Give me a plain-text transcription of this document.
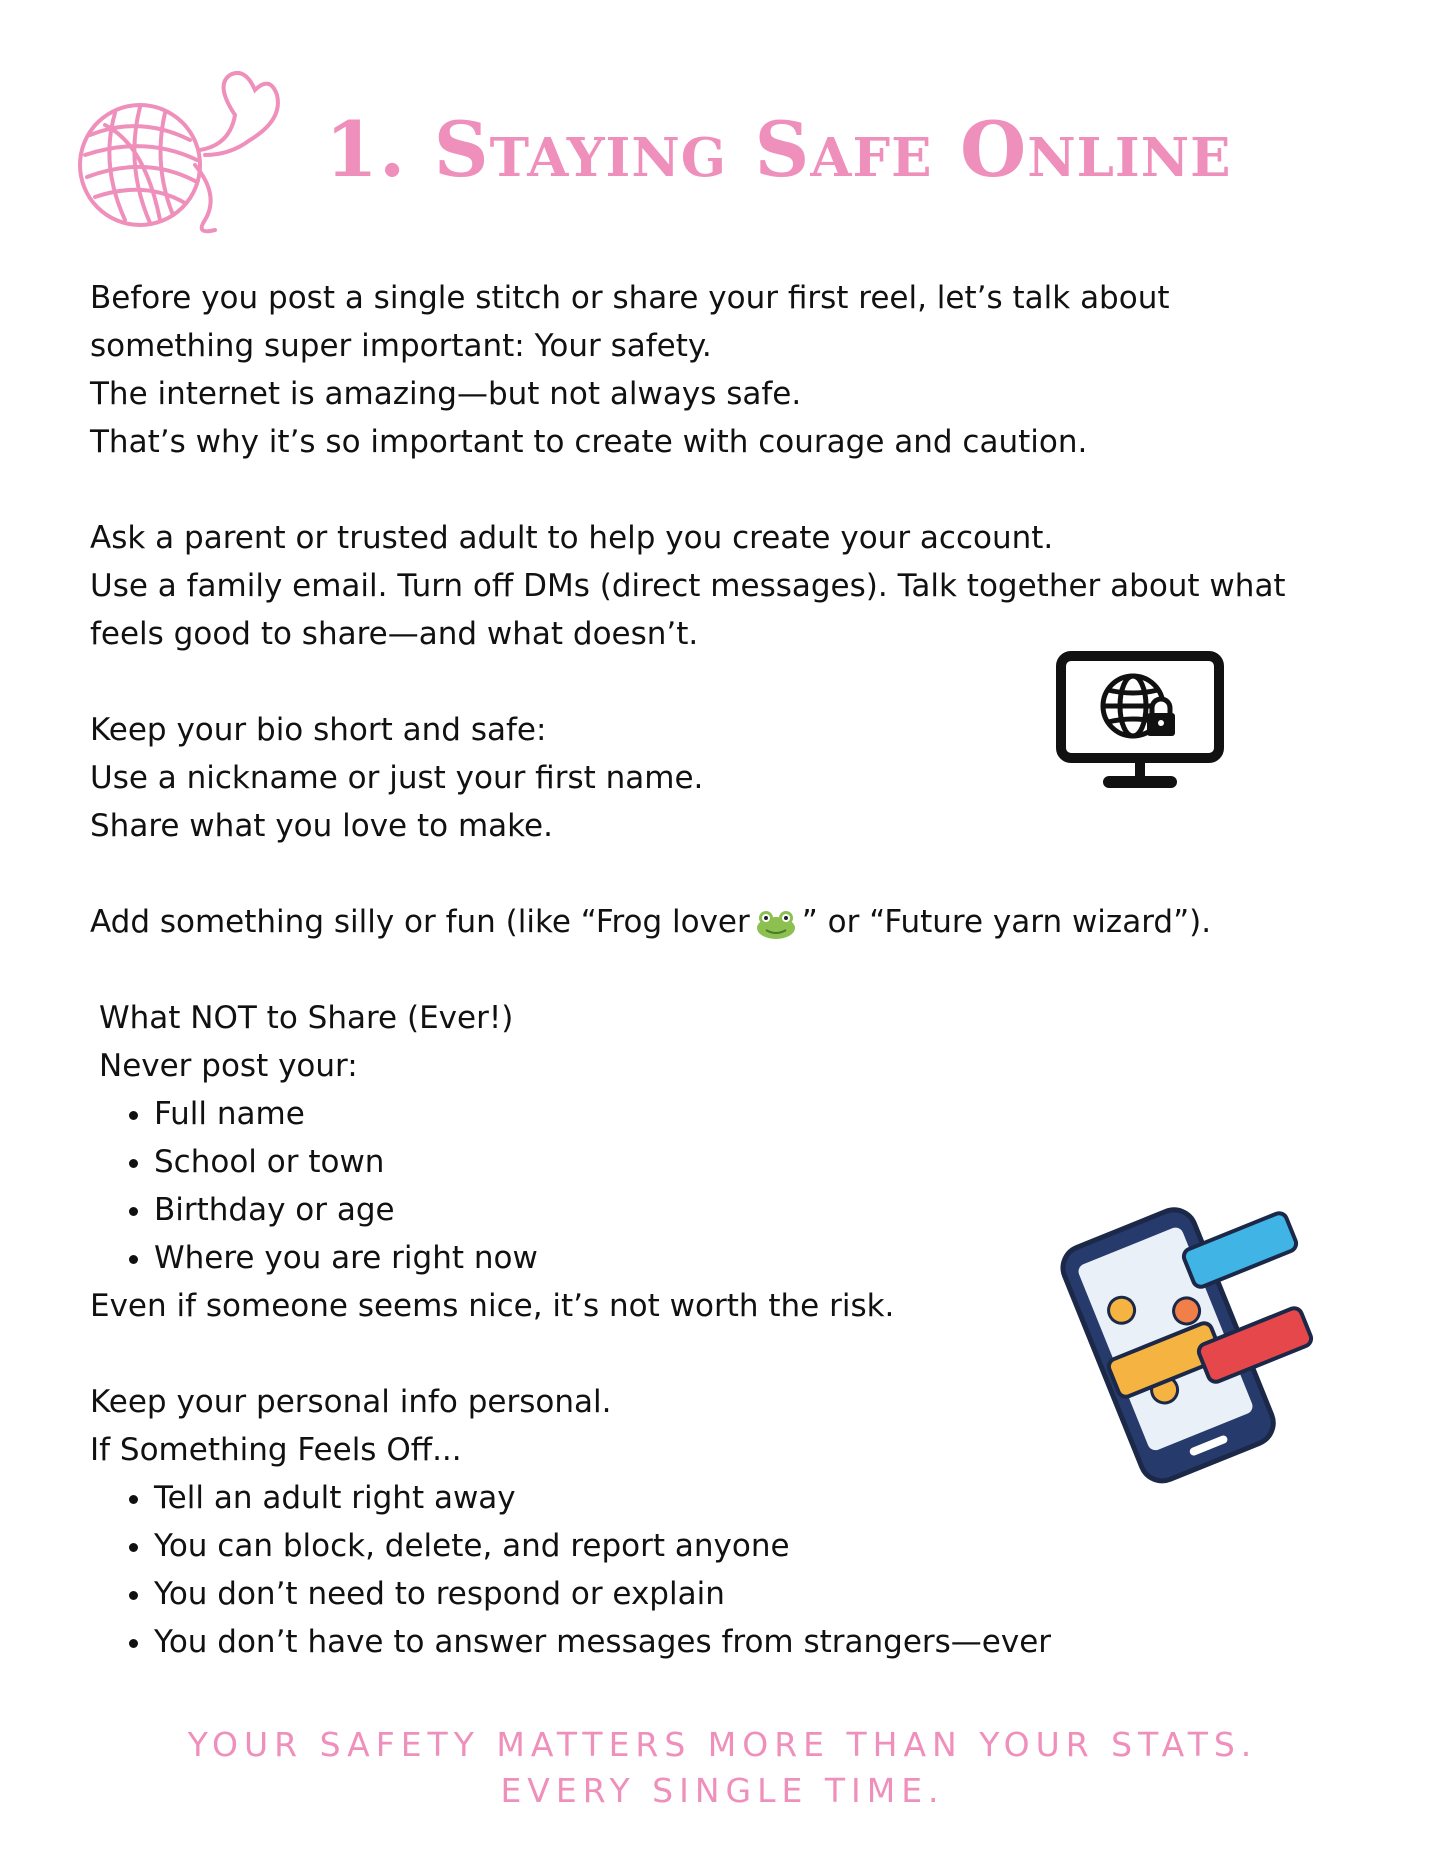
1. Staying Safe Online
Before you post a single stitch or share your first reel, let’s talk about
something super important: Your safety.
The internet is amazing—but not always safe.
That’s why it’s so important to create with courage and caution.
Ask a parent or trusted adult to help you create your account.
Use a family email. Turn off DMs (direct messages). Talk together about what
feels good to share—and what doesn’t.
Keep your bio short and safe:
Use a nickname or just your first name.
Share what you love to make.
Add something silly or fun (like “Frog lover ” or “Future yarn wizard”).
What NOT to Share (Ever!)
Never post your:
• Full name
• School or town
• Birthday or age
• Where you are right now
Even if someone seems nice, it’s not worth the risk.
Keep your personal info personal.
If Something Feels Off...
• Tell an adult right away
• You can block, delete, and report anyone
• You don’t need to respond or explain
• You don’t have to answer messages from strangers—ever
YOUR SAFETY MATTERS MORE THAN YOUR STATS.
EVERY SINGLE TIME.
